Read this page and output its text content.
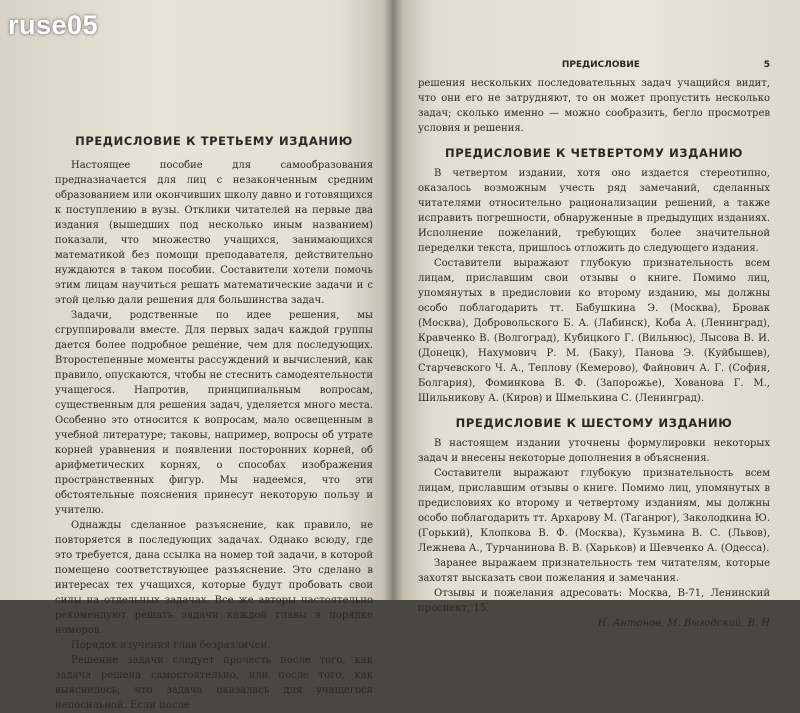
ПРЕДИСЛОВИЕ К ТРЕТЬЕМУ ИЗДАНИЮ

Настоящее пособие для самообразования предназначается для лиц с незаконченным средним образованием или окончивших школу давно и готовящихся к поступлению в вузы. Отклики читателей на первые два издания (вышедших под несколько иным названием) показали, что множество учащихся, занимающихся математикой без помощи преподавателя, действительно нуждаются в таком пособии. Составители хотели помочь этим лицам научиться решать математические задачи и с этой целью дали решения для большинства задач.

Задачи, родственные по идее решения, мы сгруппировали вместе. Для первых задач каждой группы дается более подробное решение, чем для последующих. Второстепенные моменты рассуждений и вычислений, как правило, опускаются, чтобы не стеснить самодеятельности учащегося. Напротив, принципиальным вопросам, существенным для решения задач, уделяется много места. Особенно это относится к вопросам, мало освещенным в учебной литературе; таковы, например, вопросы об утрате корней уравнения и появлении посторонних корней, об арифметических корнях, о способах изображения пространственных фигур. Мы надеемся, что эти обстоятельные пояснения принесут некоторую пользу и учителю.

Однажды сделанное разъяснение, как правило, не повторяется в последующих задачах. Однако всюду, где это требуется, дана ссылка на номер той задачи, в которой помещено соответствующее разъяснение. Это сделано в интересах тех учащихся, которые будут пробовать свои силы на отдельных задачах. Все же авторы настоятельно рекомендуют решать задачи каждой главы в порядке номеров.

Порядок изучения глав безразличен.

Решение задачи следует прочесть после того, как задача решена самостоятельно, или после того, как выяснилось, что задача оказалась для учащегося непосильной. Если после

ПРЕДИСЛОВИЕ	5

решения нескольких последовательных задач учащийся видит, что они его не затрудняют, то он может пропустить несколько задач; сколько именно — можно сообразить, бегло просмотрев условия и решения.

ПРЕДИСЛОВИЕ К ЧЕТВЕРТОМУ ИЗДАНИЮ

В четвертом издании, хотя оно издается стереотипно, оказалось возможным учесть ряд замечаний, сделанных читателями относительно рационализации решений, а также исправить погрешности, обнаруженные в предыдущих изданиях. Исполнение пожеланий, требующих более значительной переделки текста, пришлось отложить до следующего издания.

Составители выражают глубокую признательность всем лицам, приславшим свои отзывы о книге. Помимо лиц, упомянутых в предисловии ко второму изданию, мы должны особо поблагодарить тт. Бабушкина Э. (Москва), Бровак (Москва), Добровольского Б. А. (Лабинск), Коба А. (Ленинград), Кравченко В. (Волгоград), Кубицкого Г. (Вильнюс), Лысова В. И. (Донецк), Нахумович Р. М. (Баку), Панова Э. (Куйбышев), Старчевского Ч. А., Теплову (Кемерово), Файнович А. Г. (София, Болгария), Фоминкова В. Ф. (Запорожье), Хованова Г. М., Шильникову А. (Киров) и Шмелькина С. (Ленинград).

ПРЕДИСЛОВИЕ К ШЕСТОМУ ИЗДАНИЮ

В настоящем издании уточнены формулировки некоторых задач и внесены некоторые дополнения в объяснения.

Составители выражают глубокую признательность всем лицам, приславшим отзывы о книге. Помимо лиц, упомянутых в предисловиях ко второму и четвертому изданиям, мы должны особо поблагодарить тт. Архарову М. (Таганрог), Заколодкина Ю. (Горький), Клопкова В. Ф. (Москва), Кузьмина В. С. (Львов), Лежнева А., Турчанинова В. В. (Харьков) и Шевченко А. (Одесса).

Заранее выражаем признательность тем читателям, которые захотят высказать свои пожелания и замечания.

Отзывы и пожелания адресовать: Москва, В-71, Ленинский проспект, 15.

Н. Антонов, М. Выгодский, В. Н

ruse05
